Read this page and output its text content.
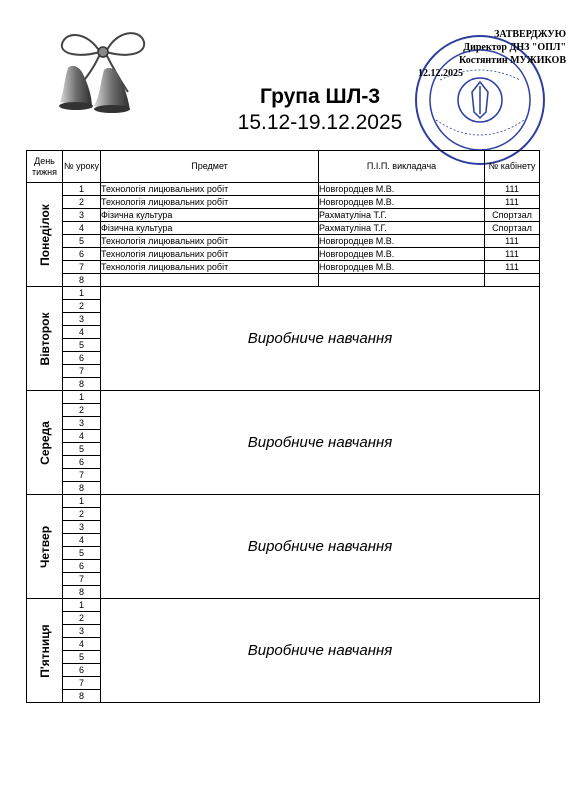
ЗАТВЕРДЖУЮ
Директор ДНЗ "ОПЛ"
Костянтин МУЖИКОВ
12.12.2025
Група ШЛ-3
15.12-19.12.2025
День тижня	№ уроку	Предмет	П.І.П. викладача	№ кабінету

Понеділок	1	Технологія лицювальних робіт	Новгородцев М.В.	111
	2	Технологія лицювальних робіт	Новгородцев М.В.	111
	3	Фізична культура	Рахматуліна Т.Г.	Спортзал
	4	Фізична культура	Рахматуліна Т.Г.	Спортзал
	5	Технологія лицювальних робіт	Новгородцев М.В.	111
	6	Технологія лицювальних робіт	Новгородцев М.В.	111
	7	Технологія лицювальних робіт	Новгородцев М.В.	111
	8			

Вівторок	1	Виробниче навчання		
	2			
	3			
	4			
	5			
	6			
	7			
	8			

Середа	1	Виробниче навчання		
	2			
	3			
	4			
	5			
	6			
	7			
	8			

Четвер	1	Виробниче навчання		
	2			
	3			
	4			
	5			
	6			
	7			
	8			

П'ятниця	1	Виробниче навчання		
	2			
	3			
	4			
	5			
	6			
	7			
	8			
